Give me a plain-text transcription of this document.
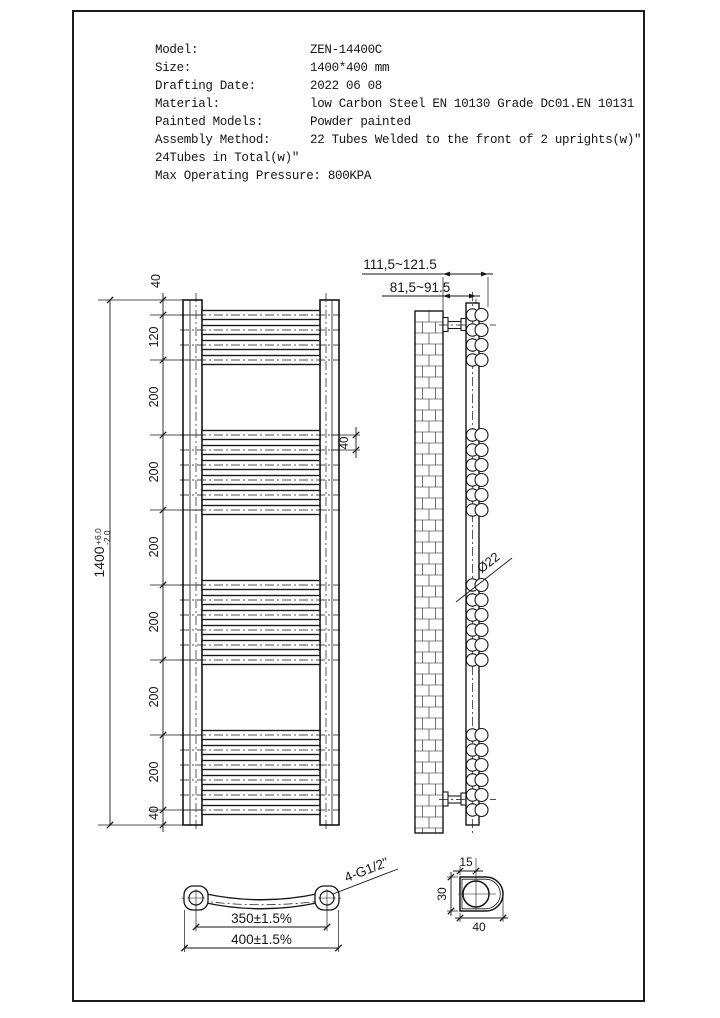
Model:	ZEN-14400C
Size:	1400*400 mm
Drafting Date:	2022 06 08
Material:	low Carbon Steel EN 10130 Grade Dc01.EN 10131
Painted Models:	Powder painted
Assembly Method:	22 Tubes Welded to the front of 2 uprights(w)"
24Tubes in Total(w)"
Max Operating Pressure: 800KPA
40
120
200
200
200
200
200
200
40
1400
+6.0 -2.0
40
111,5~121.5
81,5~91.5
Ø22
350±1.5%
400±1.5%
4-G1/2"	15
30
40
